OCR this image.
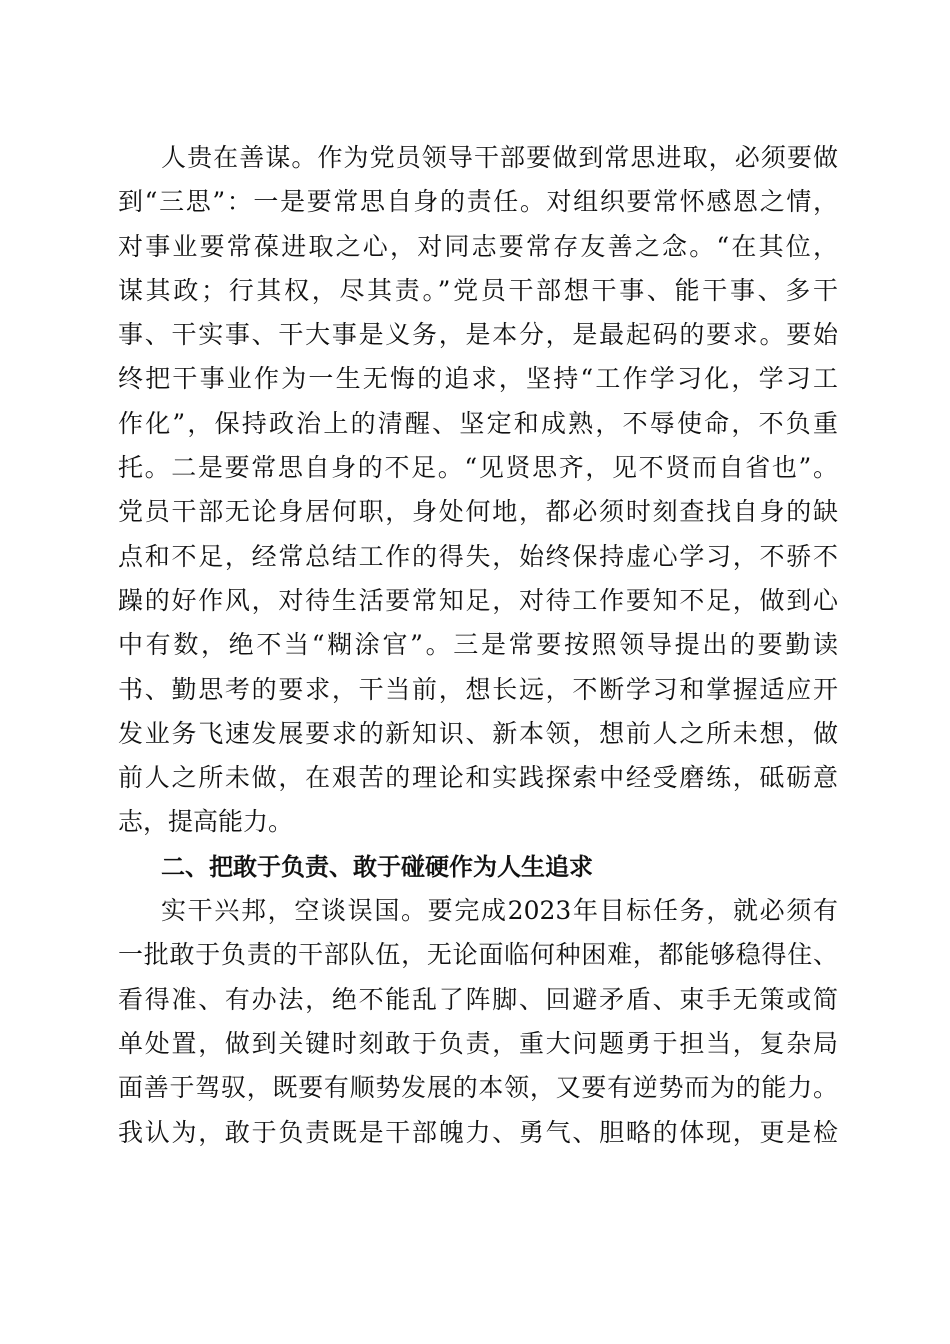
人贵在善谋。作为党员领导干部要做到常思进取，必须要做
到“三思”：一是要常思自身的责任。对组织要常怀感恩之情，
对事业要常葆进取之心，对同志要常存友善之念。“在其位，
谋其政；行其权，尽其责。”党员干部想干事、能干事、多干
事、干实事、干大事是义务，是本分，是最起码的要求。要始
终把干事业作为一生无悔的追求，坚持“工作学习化，学习工
作化”，保持政治上的清醒、坚定和成熟，不辱使命，不负重
托。二是要常思自身的不足。“见贤思齐，见不贤而自省也”。
党员干部无论身居何职，身处何地，都必须时刻查找自身的缺
点和不足，经常总结工作的得失，始终保持虚心学习，不骄不
躁的好作风，对待生活要常知足，对待工作要知不足，做到心
中有数，绝不当“糊涂官”。三是常要按照领导提出的要勤读
书、勤思考的要求，干当前，想长远，不断学习和掌握适应开
发业务飞速发展要求的新知识、新本领，想前人之所未想，做
前人之所未做，在艰苦的理论和实践探索中经受磨练，砥砺意
志，提高能力。
二、把敢于负责、敢于碰硬作为人生追求
实干兴邦，空谈误国。要完成2023年目标任务，就必须有
一批敢于负责的干部队伍，无论面临何种困难，都能够稳得住、
看得准、有办法，绝不能乱了阵脚、回避矛盾、束手无策或简
单处置，做到关键时刻敢于负责，重大问题勇于担当，复杂局
面善于驾驭，既要有顺势发展的本领，又要有逆势而为的能力。
我认为，敢于负责既是干部魄力、勇气、胆略的体现，更是检
